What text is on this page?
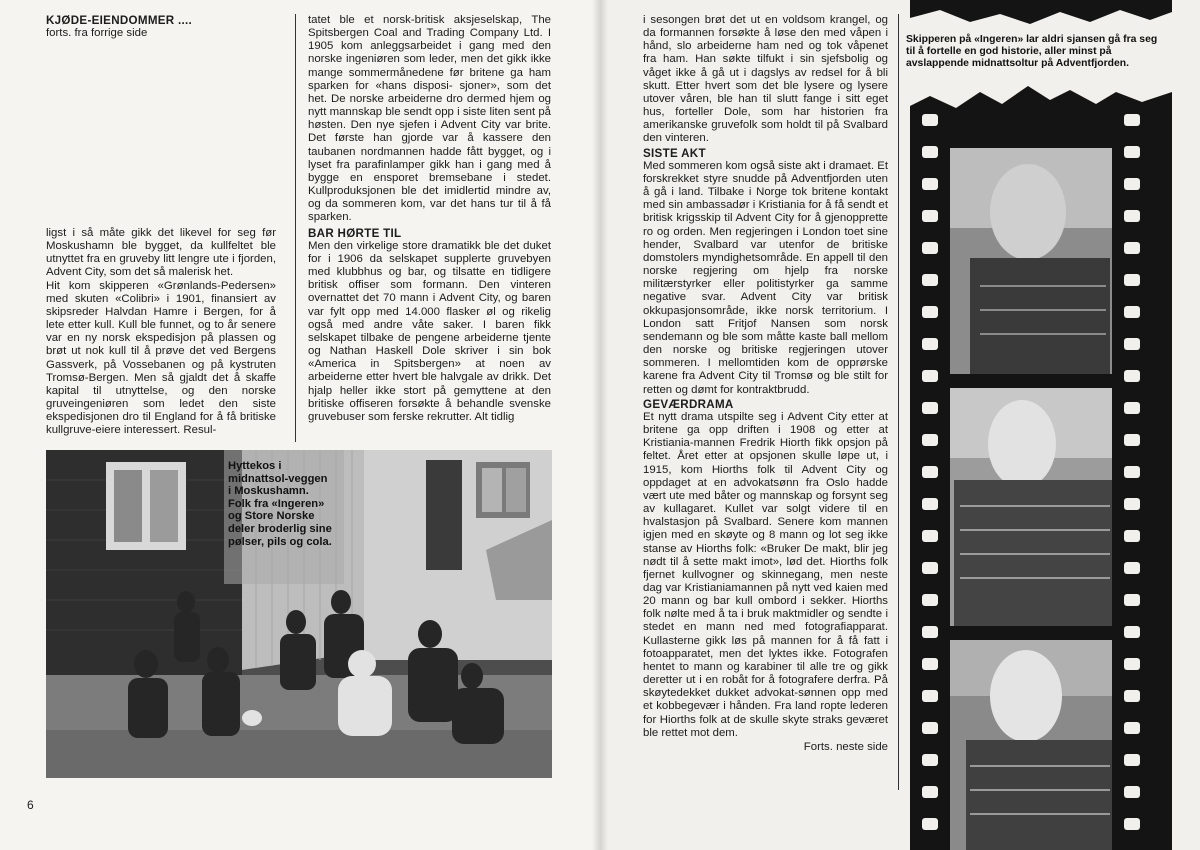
KJØDE-EIENDOMMER ....
forts. fra forrige side

ligst i så måte gikk det likevel for seg før Moskushamn ble bygget, da kullfeltet ble utnyttet fra en gruveby litt lengre ute i fjorden, Advent City, som det så malerisk het.
Hit kom skipperen «Grønlands-Pedersen» med skuten «Colibri» i 1901, finansiert av skipsreder Halvdan Hamre i Bergen, for å lete etter kull. Kull ble funnet, og to år senere var en ny norsk ekspedisjon på plassen og brøt ut nok kull til å prøve det ved Bergens Gassverk, på Vossebanen og på kystruten Tromsø-Bergen. Men så gjaldt det å skaffe kapital til utnyttelse, og den norske gruveingeniøren som ledet den siste ekspedisjonen dro til England for å få britiske kullgruve-eiere interessert. Resul-

tatet ble et norsk-britisk aksjeselskap, The Spitsbergen Coal and Trading Company Ltd. I 1905 kom anleggsarbeidet i gang med den norske ingeniøren som leder, men det gikk ikke mange sommermånedene før britene ga ham sparken for «hans disposi- sjoner», som det het. De norske arbeiderne dro dermed hjem og nytt mannskap ble sendt opp i siste liten sent på høsten. Den nye sjefen i Advent City var brite. Det første han gjorde var å kassere den taubanen nordmannen hadde fått bygget, og i lyset fra parafinlamper gikk han i gang med å bygge en ensporet bremsebane i stedet. Kullproduksjonen ble det imidlertid mindre av, og da sommeren kom, var det hans tur til å få sparken.

BAR HØRTE TIL

Men den virkelige store dramatikk ble det duket for i 1906 da selskapet supplerte gruvebyen med klubbhus og bar, og tilsatte en tidligere britisk offiser som formann. Den vinteren overnattet det 70 mann i Advent City, og baren var fylt opp med 14.000 flasker øl og rikelig også med andre våte saker. I baren fikk selskapet tilbake de pengene arbeiderne tjente og Nathan Haskell Dole skriver i sin bok «America in Spitsbergen» at noen av arbeiderne etter hvert ble halvgale av drikk. Det hjalp heller ikke stort på gemyttene at den britiske offiseren forsøkte å behandle svenske gruvebuser som ferske rekrutter. Alt tidlig

Hyttekos i midnattsol-veggen i Moskushamn. Folk fra «Ingeren» og Store Norske deler broderlig sine pølser, pils og cola.
6

i sesongen brøt det ut en voldsom krangel, og da formannen forsøkte å løse den med våpen i hånd, slo arbeiderne ham ned og tok våpenet fra ham. Han søkte tilfukt i sin sjefsbolig og våget ikke å gå ut i dagslys av redsel for å bli skutt. Etter hvert som det ble lysere og lysere utover våren, ble han til slutt fange i sitt eget hus, forteller Dole, som har historien fra amerikanske gruvefolk som holdt til på Svalbard den vinteren.

SISTE AKT

Med sommeren kom også siste akt i dramaet. Et forskrekket styre snudde på Adventfjorden uten å gå i land. Tilbake i Norge tok britene kontakt med sin ambassadør i Kristiania for å få sendt et britisk krigsskip til Advent City for å gjenopprette ro og orden. Men regjeringen i London toet sine hender, Svalbard var utenfor de britiske domstolers myndighetsområde. En appell til den norske regjering om hjelp fra norske militærstyrker eller politistyrker ga samme negative svar. Advent City var britisk okkupasjonsområde, ikke norsk territorium. I London satt Fritjof Nansen som norsk sendemann og ble som måtte kaste ball mellom den norske og britiske regjeringen utover sommeren. I mellomtiden kom de opprørske karene fra Advent City til Tromsø og ble stilt for retten og dømt for kontraktbrudd.

GEVÆRDRAMA

Et nytt drama utspilte seg i Advent City etter at britene ga opp driften i 1908 og etter at Kristiania-mannen Fredrik Hiorth fikk opsjon på feltet. Året etter at opsjonen skulle løpe ut, i 1915, kom Hiorths folk til Advent City og oppdaget at en advokatsønn fra Oslo hadde vært ute med båter og mannskap og forsynt seg av kullagaret. Kullet var solgt videre til en hvalstasjon på Svalbard. Senere kom mannen igjen med en skøyte og 8 mann og lot seg ikke stanse av Hiorths folk: «Bruker De makt, blir jeg nødt til å sette makt imot», lød det. Hiorths folk fjernet kullvogner og skinnegang, men neste dag var Kristianiamannen på nytt ved kaien med 20 mann og bar kull ombord i sekker. Hiorths folk nølte med å ta i bruk maktmidler og sendte i stedet en mann ned med fotografiapparat. Kullasterne gikk løs på mannen for å få fatt i fotoapparatet, men det lyktes ikke. Fotografen hentet to mann og karabiner til alle tre og gikk deretter ut i en robåt for å fotografere derfra. På skøytedekket dukket advokat-sønnen opp med et kobbegevær i hånden. Fra land ropte lederen for Hiorths folk at de skulle skyte straks geværet ble rettet mot dem.

Forts. neste side

Skipperen på «Ingeren» lar aldri sjansen gå fra seg til å fortelle en god historie, aller minst på avslappende midnattsoltur på Adventfjorden.
